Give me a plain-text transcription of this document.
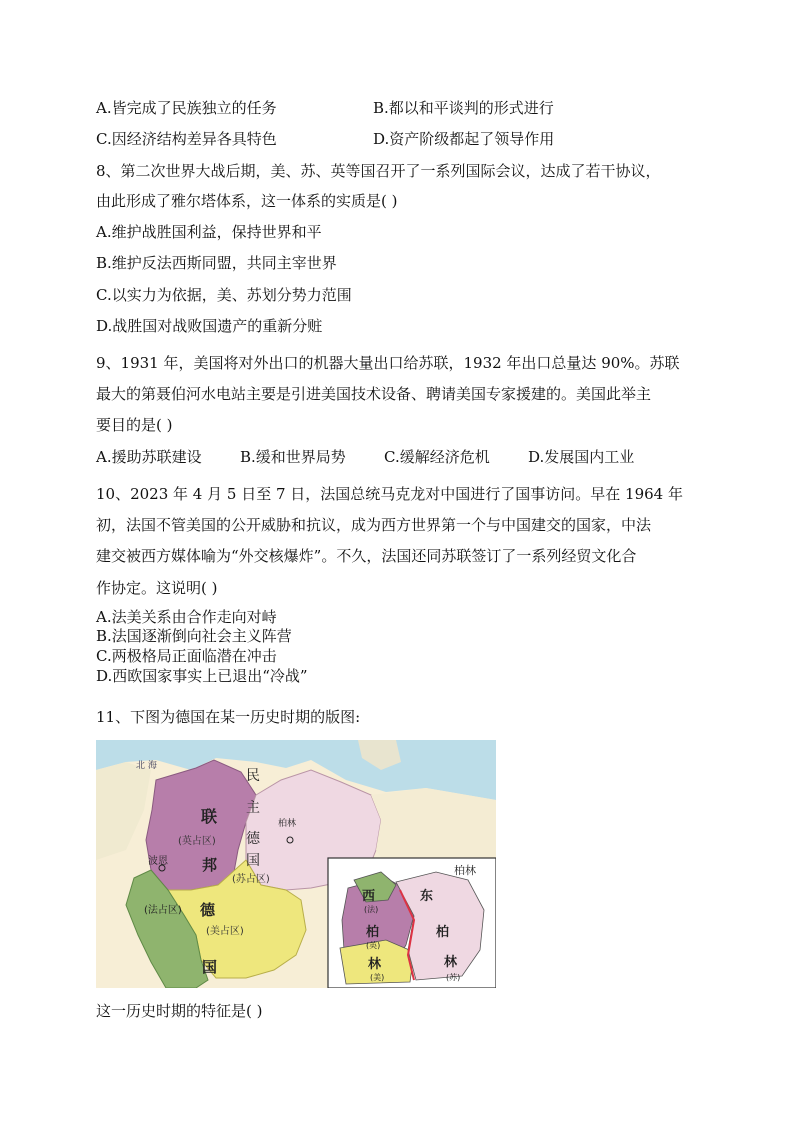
A.皆完成了民族独立的任务	B.都以和平谈判的形式进行
C.因经济结构差异各具特色	D.资产阶级都起了领导作用
8、第二次世界大战后期，美、苏、英等国召开了一系列国际会议，达成了若干协议，
由此形成了雅尔塔体系，这一体系的实质是( )
A.维护战胜国利益，保持世界和平
B.维护反法西斯同盟，共同主宰世界
C.以实力为依据，美、苏划分势力范围
D.战胜国对战败国遗产的重新分赃
9、1931 年，美国将对外出口的机器大量出口给苏联，1932 年出口总量达 90%。苏联
最大的第聂伯河水电站主要是引进美国技术设备、聘请美国专家援建的。美国此举主
要目的是( )
A.援助苏联建设	B.缓和世界局势	C.缓解经济危机	D.发展国内工业
10、2023 年 4 月 5 日至 7 日，法国总统马克龙对中国进行了国事访问。早在 1964 年
初，法国不管美国的公开威胁和抗议，成为西方世界第一个与中国建交的国家，中法
建交被西方媒体喻为“外交核爆炸”。不久，法国还同苏联签订了一系列经贸文化合
作协定。这说明( )
A.法美关系由合作走向对峙
B.法国逐渐倒向社会主义阵营
C.两极格局正面临潜在冲击
D.西欧国家事实上已退出“冷战”
11、下图为德国在某一历史时期的版图:
北 海
联
(英占区)
波恩 邦
德
国
(法占区)
(美占区)
民
主
德
国
(苏占区)
柏林
柏林
西
(法)
柏
(英)
林
(美)
东
柏
林
(苏)
这一历史时期的特征是( )
